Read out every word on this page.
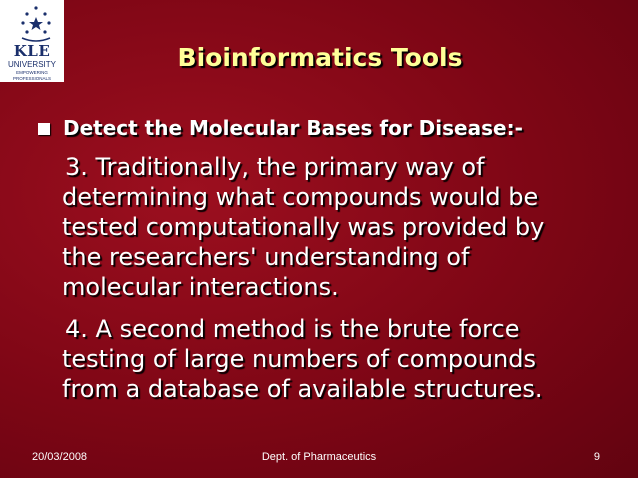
KLE
UNIVERSITY
EMPOWERING PROFESSIONALS
Bioinformatics Tools
Detect the Molecular Bases for Disease:-
3. Traditionally, the primary way of
determining what compounds would be
tested computationally was provided by
the researchers' understanding of
molecular interactions.
4. A second method is the brute force
testing of large numbers of compounds
from a database of available structures.
20/03/2008	Dept. of Pharmaceutics	9
